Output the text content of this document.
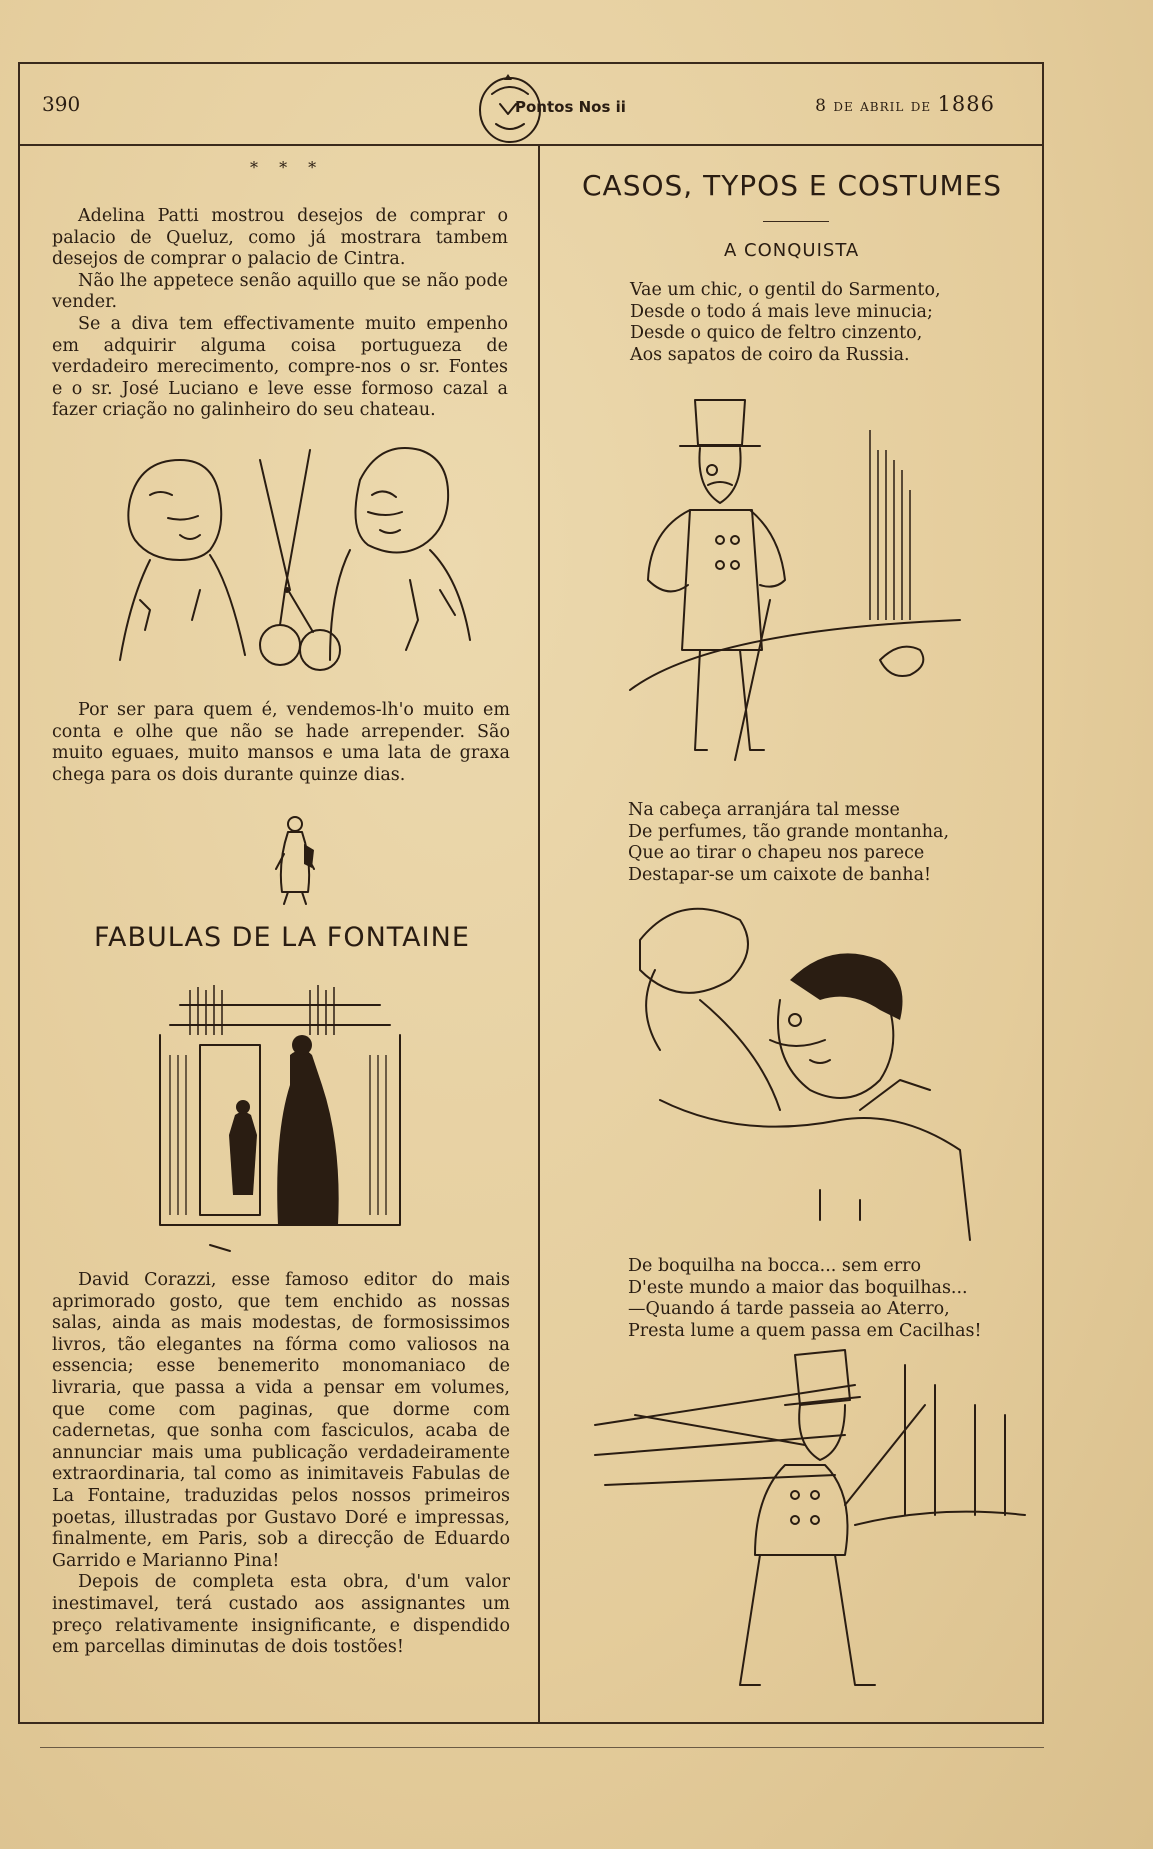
390	Pontos Nos ii	8 de abril de 1886
* * *

Adelina Patti mostrou desejos de comprar o palacio de Queluz, como já mostrara tambem desejos de comprar o palacio de Cintra.

Não lhe appetece senão aquillo que se não pode vender.

Se a diva tem effectivamente muito empenho em adquirir alguma coisa portugueza de verdadeiro merecimento, compre-nos o sr. Fontes e o sr. José Luciano e leve esse formoso cazal a fazer criação no galinheiro do seu chateau.

Por ser para quem é, vendemos-lh'o muito em conta e olhe que não se hade arrepender. São muito eguaes, muito mansos e uma lata de graxa chega para os dois durante quinze dias.

FABULAS DE LA FONTAINE

David Corazzi, esse famoso editor do mais aprimorado gosto, que tem enchido as nossas salas, ainda as mais modestas, de formosissimos livros, tão elegantes na fórma como valiosos na essencia; esse benemerito monomaniaco de livraria, que passa a vida a pensar em volumes, que come com paginas, que dorme com cadernetas, que sonha com fasciculos, acaba de annunciar mais uma publicação verdadeiramente extraordinaria, tal como as inimitaveis Fabulas de La Fontaine, traduzidas pelos nossos primeiros poetas, illustradas por Gustavo Doré e impressas, finalmente, em Paris, sob a direcção de Eduardo Garrido e Marianno Pina!

Depois de completa esta obra, d'um valor inestimavel, terá custado aos assignantes um preço relativamente insignificante, e dispendido em parcellas diminutas de dois tostões!

CASOS, TYPOS E COSTUMES
A CONQUISTA
Vae um chic, o gentil do Sarmento,
Desde o todo á mais leve minucia;
Desde o quico de feltro cinzento,
Aos sapatos de coiro da Russia.
Na cabeça arranjára tal messe
De perfumes, tão grande montanha,
Que ao tirar o chapeu nos parece
Destapar-se um caixote de banha!
De boquilha na bocca... sem erro
D'este mundo a maior das boquilhas...
—Quando á tarde passeia ao Aterro,
Presta lume a quem passa em Cacilhas!
